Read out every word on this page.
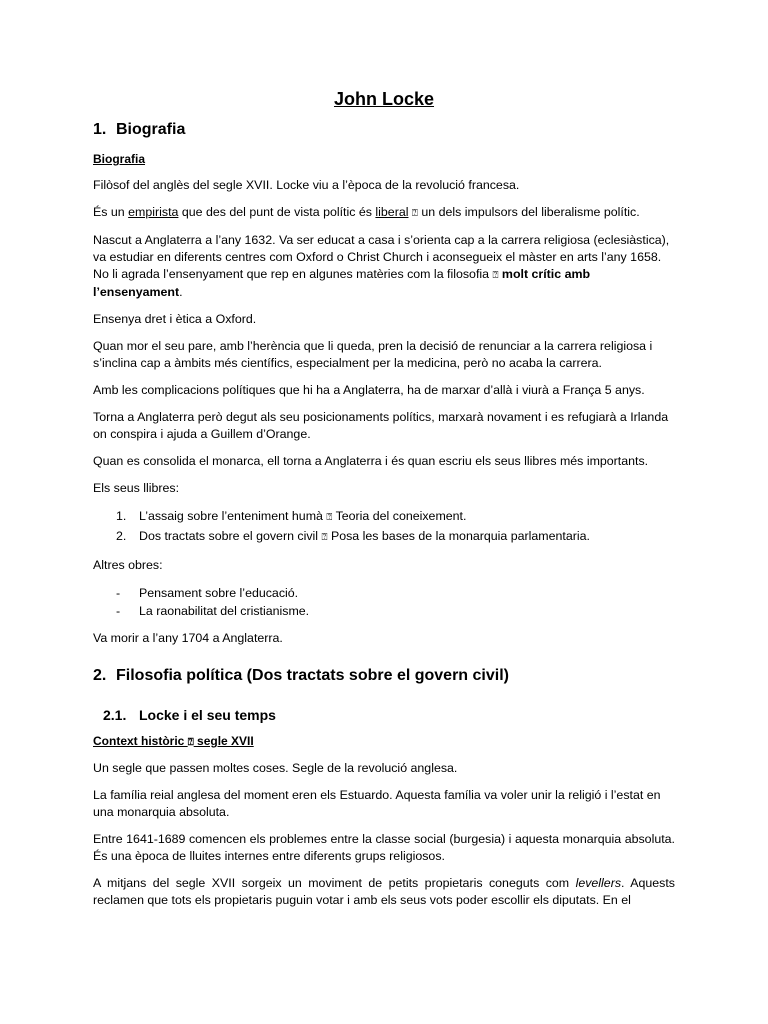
John Locke
1. Biografia

Biografia

Filòsof del anglès del segle XVII. Locke viu a l’època de la revolució francesa.

És un empirista que des del punt de vista polític és liberal ⍰ un dels impulsors del liberalisme polític.

Nascut a Anglaterra a l’any 1632. Va ser educat a casa i s’orienta cap a la carrera religiosa (eclesiàstica), va estudiar en diferents centres com Oxford o Christ Church i aconsegueix el màster en arts l’any 1658. No li agrada l’ensenyament que rep en algunes matèries com la filosofia ⍰ molt crític amb l’ensenyament.

Ensenya dret i ètica a Oxford.

Quan mor el seu pare, amb l’herència que li queda, pren la decisió de renunciar a la carrera religiosa i s’inclina cap a àmbits més científics, especialment per la medicina, però no acaba la carrera.

Amb les complicacions polítiques que hi ha a Anglaterra, ha de marxar d’allà i viurà a França 5 anys.

Torna a Anglaterra però degut als seu posicionaments polítics, marxarà novament i es refugiarà a Irlanda on conspira i ajuda a Guillem d’Orange.

Quan es consolida el monarca, ell torna a Anglaterra i és quan escriu els seus llibres més importants.

Els seus llibres:

1.	L’assaig sobre l’enteniment humà ⍰ Teoria del coneixement.
2.	Dos tractats sobre el govern civil ⍰ Posa les bases de la monarquia parlamentaria.

Altres obres:

-	Pensament sobre l’educació.
-	La raonabilitat del cristianisme.

Va morir a l’any 1704 a Anglaterra.

2. Filosofia política (Dos tractats sobre el govern civil)
2.1. Locke i el seu temps

Context històric ⍰ segle XVII

Un segle que passen moltes coses. Segle de la revolució anglesa.

La família reial anglesa del moment eren els Estuardo. Aquesta família va voler unir la religió i l’estat en una monarquia absoluta.

Entre 1641-1689 comencen els problemes entre la classe social (burgesia) i aquesta monarquia absoluta. És una època de lluites internes entre diferents grups religiosos.

A mitjans del segle XVII sorgeix un moviment de petits propietaris coneguts com levellers. Aquests reclamen que tots els propietaris puguin votar i amb els seus vots poder escollir els diputats. En el
